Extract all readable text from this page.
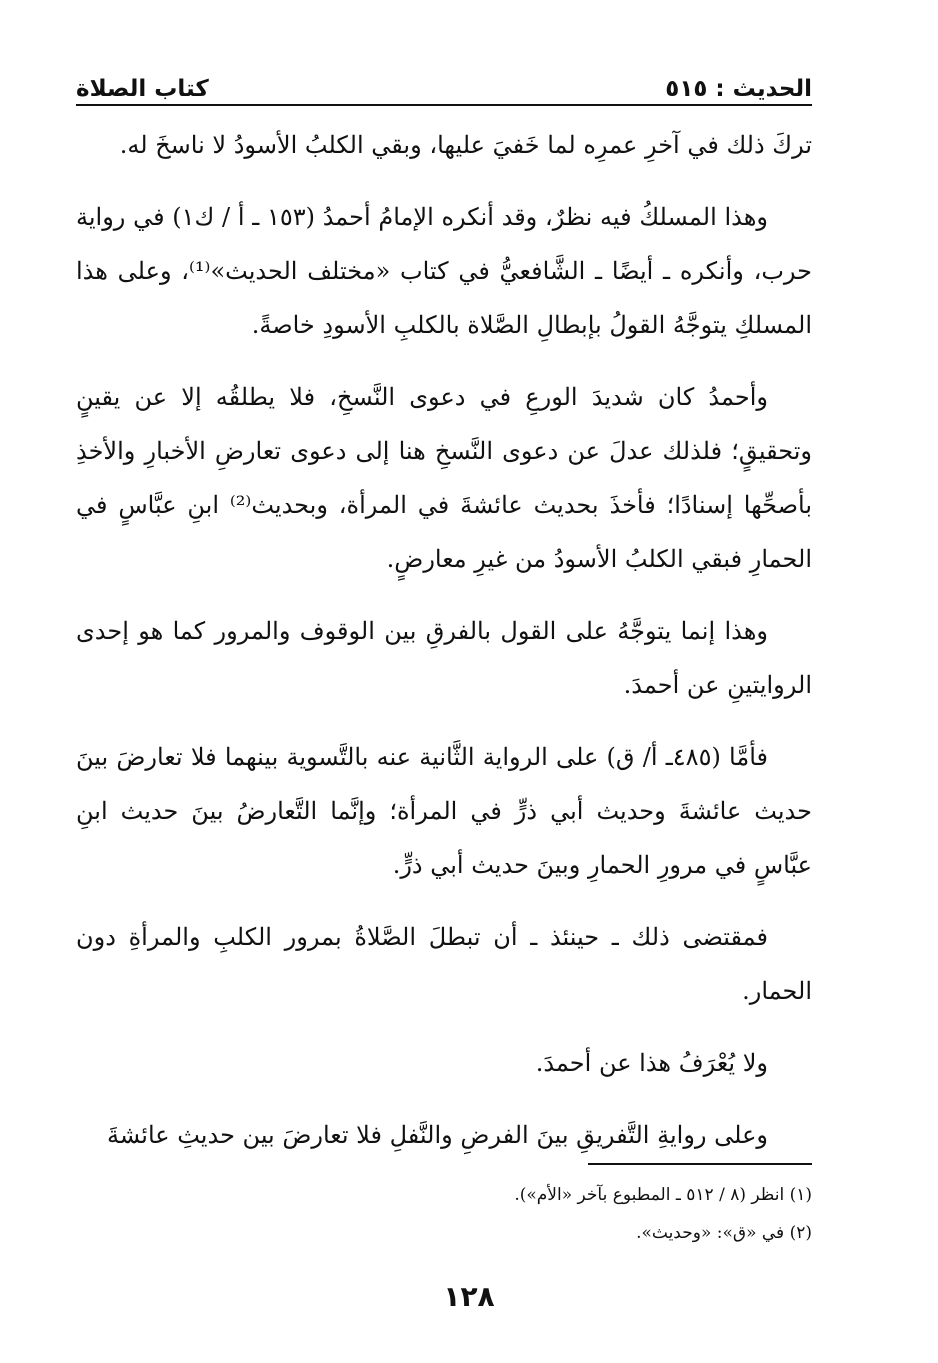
الحديث : ٥١٥
كتاب الصلاة

تركَ ذلك في آخرِ عمرِه لما خَفيَ عليها، وبقي الكلبُ الأسودُ لا ناسخَ له.

وهذا المسلكُ فيه نظرٌ، وقد أنكره الإمامُ أحمدُ (١٥٣ ـ أ / ك١) في رواية حرب، وأنكره ـ أيضًا ـ الشَّافعيُّ في كتاب «مختلف الحديث»⁽¹⁾، وعلى هذا المسلكِ يتوجَّهُ القولُ بإبطالِ الصَّلاة بالكلبِ الأسودِ خاصةً.

وأحمدُ كان شديدَ الورعِ في دعوى النَّسخِ، فلا يطلقُه إلا عن يقينٍ وتحقيقٍ؛ فلذلك عدلَ عن دعوى النَّسخِ هنا إلى دعوى تعارضِ الأخبارِ والأخذِ بأصحِّها إسنادًا؛ فأخذَ بحديث عائشةَ في المرأة، وبحديث⁽²⁾ ابنِ عبَّاسٍ في الحمارِ فبقي الكلبُ الأسودُ من غيرِ معارضٍ.

وهذا إنما يتوجَّهُ على القول بالفرقِ بين الوقوف والمرور كما هو إحدى الروايتينِ عن أحمدَ.

فأمَّا (٤٨٥ـ أ/ ق) على الرواية الثَّانية عنه بالتَّسوية بينهما فلا تعارضَ بينَ حديث عائشةَ وحديث أبي ذرٍّ في المرأة؛ وإنَّما التَّعارضُ بينَ حديث ابنِ عبَّاسٍ في مرورِ الحمارِ وبينَ حديث أبي ذرٍّ.

فمقتضى ذلك ـ حينئذ ـ أن تبطلَ الصَّلاةُ بمرور الكلبِ والمرأةِ دون الحمار.

ولا يُعْرَفُ هذا عن أحمدَ.

وعلى روايةِ التَّفريقِ بينَ الفرضِ والنَّفلِ فلا تعارضَ بين حديثِ عائشةَ

(١) انظر (٨ / ٥١٢ ـ المطبوع بآخر «الأم»).

(٢) في «ق»: «وحديث».

١٢٨
